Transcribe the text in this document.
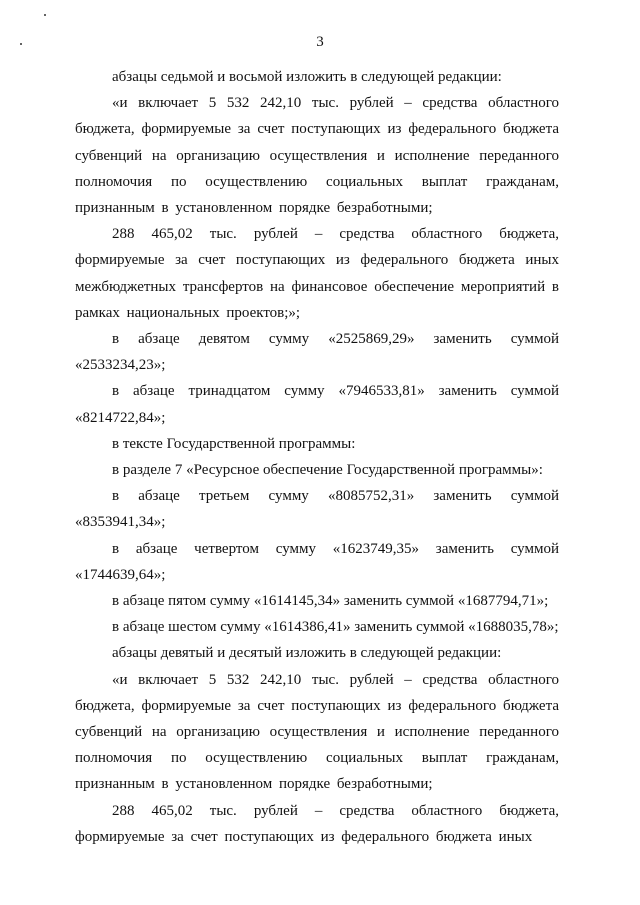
3

абзацы седьмой и восьмой изложить в следующей редакции:

«и включает 5 532 242,10 тыс. рублей – средства областного бюджета, формируемые за счет поступающих из федерального бюджета субвенций на организацию осуществления и исполнение переданного полномочия по осуществлению социальных выплат гражданам, признанным в установленном порядке безработными;

288 465,02 тыс. рублей – средства областного бюджета, формируемые за счет поступающих из федерального бюджета иных межбюджетных трансфертов на финансовое обеспечение мероприятий в рамках национальных проектов;»;

в абзаце девятом сумму «2525869,29» заменить суммой «2533234,23»;

в абзаце тринадцатом сумму «7946533,81» заменить суммой «8214722,84»;

в тексте Государственной программы:

в разделе 7 «Ресурсное обеспечение Государственной программы»:

в абзаце третьем сумму «8085752,31» заменить суммой «8353941,34»;

в абзаце четвертом сумму «1623749,35» заменить суммой «1744639,64»;

в абзаце пятом сумму «1614145,34» заменить суммой «1687794,71»;

в абзаце шестом сумму «1614386,41» заменить суммой «1688035,78»;

абзацы девятый и десятый изложить в следующей редакции:

«и включает 5 532 242,10 тыс. рублей – средства областного бюджета, формируемые за счет поступающих из федерального бюджета субвенций на организацию осуществления и исполнение переданного полномочия по осуществлению социальных выплат гражданам, признанным в установленном порядке безработными;

288 465,02 тыс. рублей – средства областного бюджета, формируемые за счет поступающих из федерального бюджета иных
